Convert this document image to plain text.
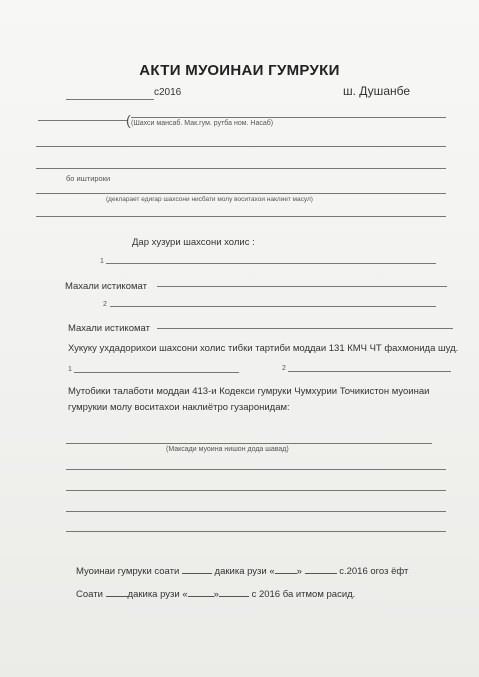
АКТИ МУОИНАИ ГУМРУКИ
с2016	ш. Душанбе
( (Шахси мансаб. Мак.гум. рутба ном. Насаб)
бо иштироки
(декларает едигар шахсони нисбати молу воситахои наклиет масул)
Дар хузури шахсони холис :
1
Махали истикомат
2
Махали истикомат
Хукуку ухдадорихои шахсони холис тибки тартиби моддаи 131 КМЧ ЧТ фахмонида шуд.
1	2
Мутобики талаботи моддаи 413-и Кодекси гумруки Чумхурии Точикистон муоинаи
гумрукии молу воситахои наклиётро гузаронидам:
(Максади муоина нишон дода шавад)
Муоинаи гумруки соати	дакика рузи « »	с.2016 огоз ёфт
Соати	дакика рузи «	»	с 2016 ба итмом расид.
